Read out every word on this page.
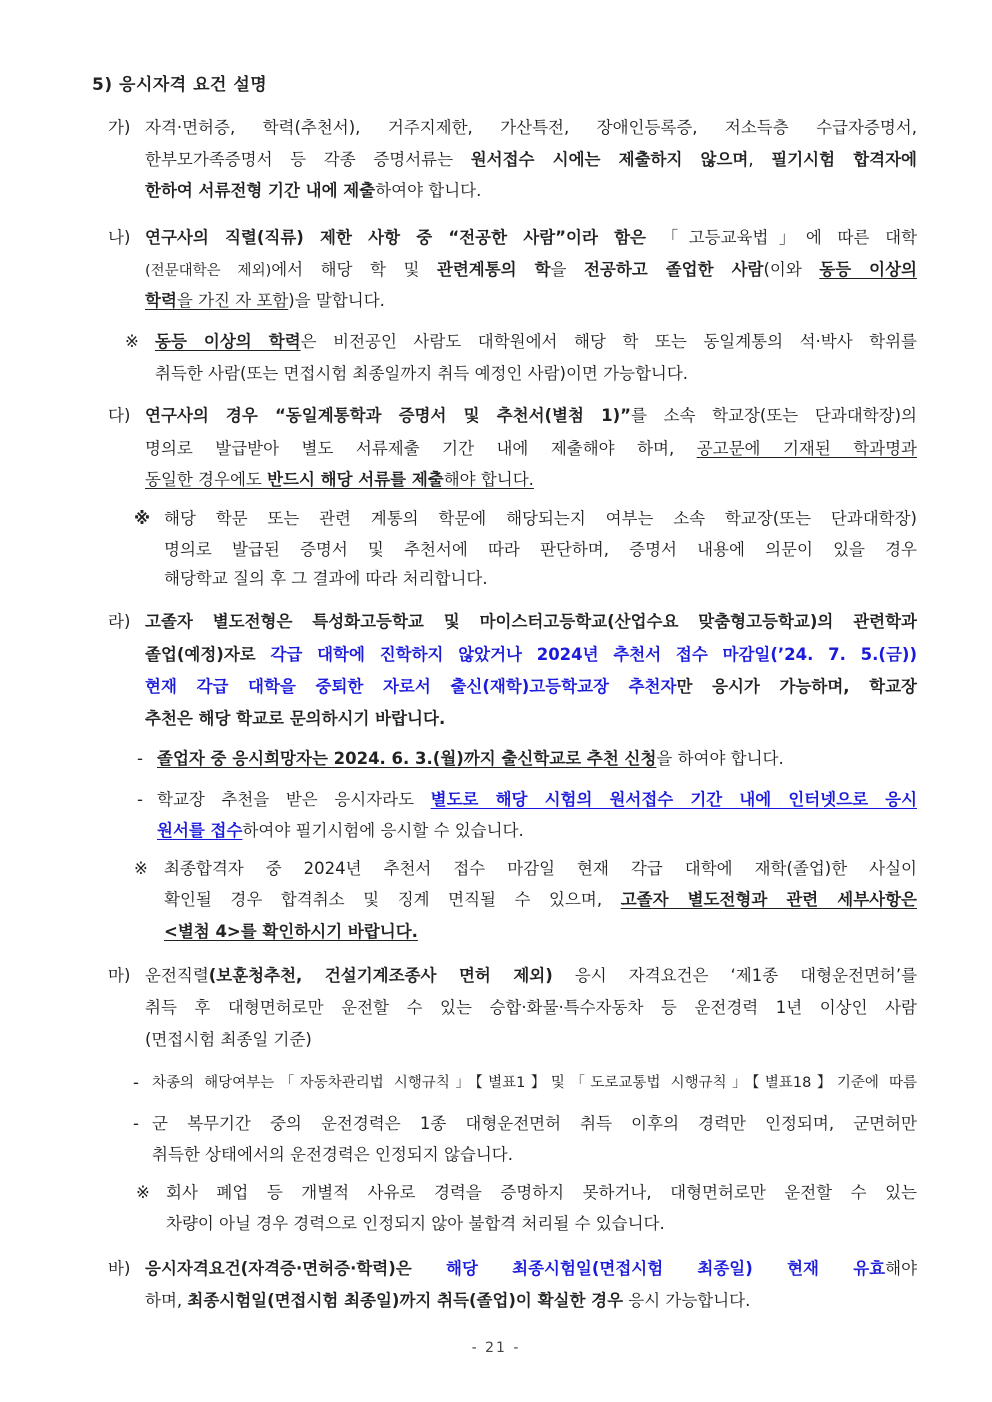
5) 응시자격 요건 설명
가) 자격·면허증, 학력(추천서), 거주지제한, 가산특전, 장애인등록증, 저소득층 수급자증명서,
한부모가족증명서 등 각종 증명서류는 원서접수 시에는 제출하지 않으며, 필기시험 합격자에
한하여 서류전형 기간 내에 제출하여야 합니다.
나) 연구사의 직렬(직류) 제한 사항 중 “전공한 사람”이라 함은 「고등교육법」에 따른 대학
(전문대학은 제외)에서 해당 학 및 관련계통의 학을 전공하고 졸업한 사람(이와 동등 이상의
학력을 가진 자 포함)을 말합니다.
※ 동등 이상의 학력은 비전공인 사람도 대학원에서 해당 학 또는 동일계통의 석·박사 학위를
취득한 사람(또는 면접시험 최종일까지 취득 예정인 사람)이면 가능합니다.
다) 연구사의 경우 “동일계통학과 증명서 및 추천서(별첨 1)”를 소속 학교장(또는 단과대학장)의
명의로 발급받아 별도 서류제출 기간 내에 제출해야 하며, 공고문에 기재된 학과명과
동일한 경우에도 반드시 해당 서류를 제출해야 합니다.
※ 해당 학문 또는 관련 계통의 학문에 해당되는지 여부는 소속 학교장(또는 단과대학장)
명의로 발급된 증명서 및 추천서에 따라 판단하며, 증명서 내용에 의문이 있을 경우
해당학교 질의 후 그 결과에 따라 처리합니다.
라) 고졸자 별도전형은 특성화고등학교 및 마이스터고등학교(산업수요 맞춤형고등학교)의 관련학과
졸업(예정)자로 각급 대학에 진학하지 않았거나 2024년 추천서 접수 마감일(’24. 7. 5.(금))
현재 각급 대학을 중퇴한 자로서 출신(재학)고등학교장 추천자만 응시가 가능하며, 학교장
추천은 해당 학교로 문의하시기 바랍니다.
- 졸업자 중 응시희망자는 2024. 6. 3.(월)까지 출신학교로 추천 신청을 하여야 합니다.
- 학교장 추천을 받은 응시자라도 별도로 해당 시험의 원서접수 기간 내에 인터넷으로 응시
원서를 접수하여야 필기시험에 응시할 수 있습니다.
※ 최종합격자 중 2024년 추천서 접수 마감일 현재 각급 대학에 재학(졸업)한 사실이
확인될 경우 합격취소 및 징계 면직될 수 있으며, 고졸자 별도전형과 관련 세부사항은
<별첨 4>를 확인하시기 바랍니다.
마) 운전직렬(보훈청추천, 건설기계조종사 면허 제외) 응시 자격요건은 ‘제1종 대형운전면허’를
취득 후 대형면허로만 운전할 수 있는 승합·화물·특수자동차 등 운전경력 1년 이상인 사람
(면접시험 최종일 기준)
- 차종의 해당여부는「자동차관리법 시행규칙」【별표1】및「도로교통법 시행규칙」【별표18】기준에 따름
- 군 복무기간 중의 운전경력은 1종 대형운전면허 취득 이후의 경력만 인정되며, 군면허만
취득한 상태에서의 운전경력은 인정되지 않습니다.
※ 회사 폐업 등 개별적 사유로 경력을 증명하지 못하거나, 대형면허로만 운전할 수 있는
차량이 아닐 경우 경력으로 인정되지 않아 불합격 처리될 수 있습니다.
바) 응시자격요건(자격증·면허증·학력)은 해당 최종시험일(면접시험 최종일) 현재 유효해야
하며, 최종시험일(면접시험 최종일)까지 취득(졸업)이 확실한 경우 응시 가능합니다.
- 21 -
